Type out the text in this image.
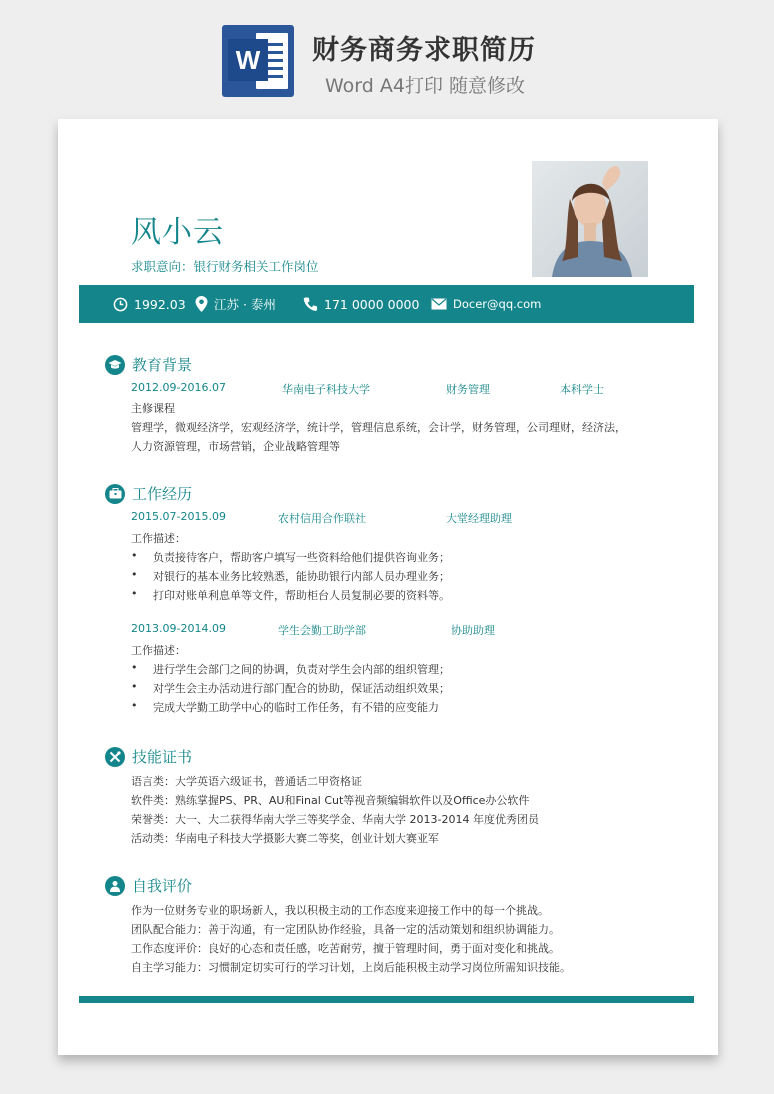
W 财务商务求职简历
Word A4打印 随意修改
风小云
求职意向：银行财务相关工作岗位
1992.03 江苏 · 泰州	171 0000 0000	Docer@qq.com
教育背景
2012.09-2016.07	华南电子科技大学	财务管理	本科学士
主修课程
管理学，微观经济学，宏观经济学，统计学，管理信息系统，会计学，财务管理，公司理财，经济法，
人力资源管理，市场营销，企业战略管理等
工作经历
2015.07-2015.09	农村信用合作联社	大堂经理助理
工作描述：
• 负责接待客户，帮助客户填写一些资料给他们提供咨询业务；
• 对银行的基本业务比较熟悉，能协助银行内部人员办理业务；
• 打印对账单利息单等文件，帮助柜台人员复制必要的资料等。
2013.09-2014.09	学生会勤工助学部	协助助理
工作描述：
• 进行学生会部门之间的协调，负责对学生会内部的组织管理；
• 对学生会主办活动进行部门配合的协助，保证活动组织效果；
• 完成大学勤工助学中心的临时工作任务，有不错的应变能力
技能证书
语言类：大学英语六级证书，普通话二甲资格证
软件类：熟练掌握PS、PR、AU和Final Cut等视音频编辑软件以及Office办公软件
荣誉类：大一、大二获得华南大学三等奖学金、华南大学 2013-2014 年度优秀团员
活动类：华南电子科技大学摄影大赛二等奖，创业计划大赛亚军
自我评价
作为一位财务专业的职场新人，我以积极主动的工作态度来迎接工作中的每一个挑战。
团队配合能力：善于沟通，有一定团队协作经验，具备一定的活动策划和组织协调能力。
工作态度评价：良好的心态和责任感，吃苦耐劳，擅于管理时间，勇于面对变化和挑战。
自主学习能力：习惯制定切实可行的学习计划，上岗后能积极主动学习岗位所需知识技能。
